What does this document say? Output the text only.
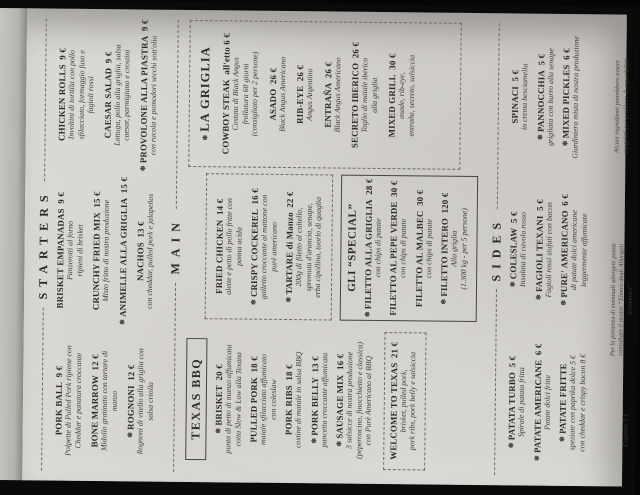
STARTERS
PORK BALL 9 € Polpette di Pulled Pork ripiene con Cheddar e panatura croccante BONE MARROW 12 €
Midollo gratinato con tartare di manzo
❄ROGNONI 12 € Rognoni di vitello alla griglia con salsa criolla
BRISKET EMPANADAS 9 €
Panzerotti al forno ripieni di brisket CRUNCHY FRIED MIX 15 €
Misto fritto di nostra produzione
❄ANIMELLE ALLA GRIGLIA 15 €
NACHOS 13 € con cheddar, pulled pork e jalapeños
CHICKEN ROLLS 9 € Involtini di tortilla con pollo sfilacciato, formaggio fuso e fagioli rossi CAESAR SALAD 9 € Lattuga, pollo alla griglia, salsa caesar, parmigiano e crostini
❄PROVOLONE ALLA PIASTRA 9 €
con rucola e pomodori secchi sott'olio
MAIN
TEXAS BBQ	❄BRISKET 20 € punta di petto di manzo affumicata cotta Slow & Low alla Texana PULLED PORK 18 € maiale sfilacciato affumicato con coleslaw PORK RIBS 18 € costine di maiale in salsa BBQ ❄PORK BELLY 13 € pancetta croccante affumicata ❄SAUSAGE MIX 16 € 3 salsicce di nostra produzione (peperoncino, finocchietto e classica) con Purè Americano al BBQ WELCOME TO TEXAS 21 €
brisket, pulled pork, pork ribs, pork belly e salsiccia
FRIED CHICKEN 14 €
alette e petto di pollo fritte con panna acida
❄CRISPY COCKEREL 16 €
galletto croccante al mattone con purè americano
❄TARTARE di Manzo 22 €
200g di filetto al coltello, spremuta d'arancia, senape, erba cipollina, tuorlo di quaglia GLI “SPECIAL”
❄FILETTO ALLA GRIGLIA 28 €
con chips di patate FILETTO AL PEPE VERDE 30 €
con chips di patate FILETTO AL MALBEC 30 €
con chips di patate
❄FILETTO INTERO 120 €
Alla griglia (1.300 kg - per 5 persone)
❄LA GRIGLIA COWBOY STEAK all'etto 6 €
Costata di Black Angus frollatura 60 giorni (consigliato per 2 persone) ASADO 26 € Black Angus Americano RIB-EYE 26 € Angus Argentino ENTRAÑA 26 € Black Angus Americano SECRETO IBERICO 26 €
Taglio di maiale iberico alla griglia MIXED GRILL 30 €
asado, rib-eye, entraña, secreto, salsiccia
SIDES
❄PATATA TURBO 5 €
Spirale di patata fritta
❄PATATE AMERICANE 6 €
Patate dolci fritte
❄PATATE FRITTE speziate con paprika dolce 5 € con cheddar e crispy bacon 8 €
❄COLESLAW 5 € Insalata di cavolo rosso
❄FAGIOLI TEXANI 5 €
Fagioli rossi stufati con bacon
❄PURE' AMERICANO 6 €
di patate dolci americane leggermente affumicate
SPINACI 5 € in crema besciamella
❄PANNOCCHIA 5 € grigliata con burro alla senape ❄MIXED PICKLES 6 €
Giardiniera mista di nostra produzione
Coperto 3 €
Per la presenza di eventuali allergeni potete consultare il nostro “Elenco degli Allergeni Alimentari”
Alcuni ingredienti potrebbero essere congelati per problemi di reperibilità
